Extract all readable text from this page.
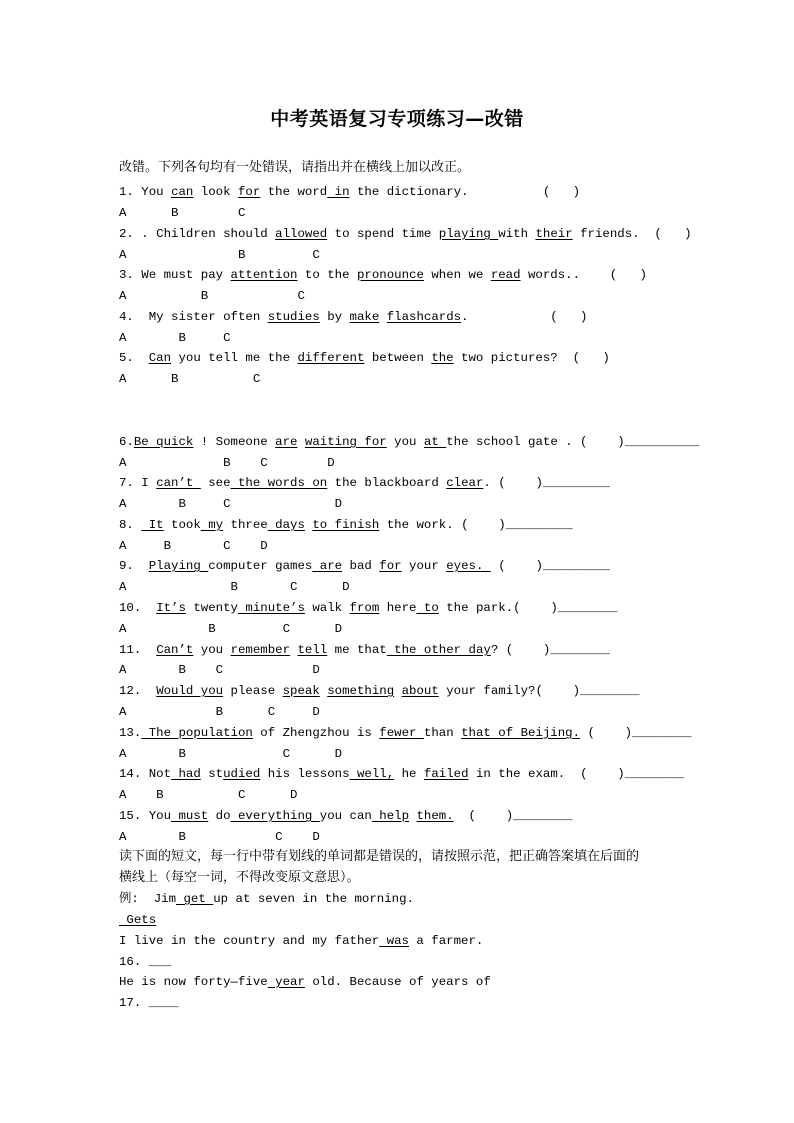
中考英语复习专项练习—改错
改错。下列各句均有一处错误，请指出并在横线上加以改正。
1. You can look for the word in the dictionary.          (   )
A      B        C
2. . Children should allowed to spend time playing with their friends.  (   )
A               B         C
3. We must pay attention to the pronounce when we read words..    (   )
A          B            C
4.  My sister often studies by make flashcards.           (   )
A       B     C
5.  Can you tell me the different between the two pictures?  (   )
A      B          C
6.Be quick ! Someone are waiting for you at the school gate . (    )__________
A             B    C        D
7. I can’t  see the words on the blackboard clear. (    )_________
A       B     C              D
8.  It took my three days to finish the work. (    )_________
A     B       C    D
9.  Playing computer games are bad for your eyes.  (    )_________
A              B       C      D
10.  It’s twenty minute’s walk from here to the park.(    )________
A           B         C      D
11.  Can’t you remember tell me that the other day? (    )________
A       B    C            D
12.  Would you please speak something about your family?(    )________
A            B      C     D
13. The population of Zhengzhou is fewer than that of Beijing. (    )________
A       B             C      D
14. Not had studied his lessons well, he failed in the exam.  (    )________
A    B          C      D
15. You must do everything you can help them.  (    )________
A       B            C    D
读下面的短文，每一行中带有划线的单词都是错误的，请按照示范，把正确答案填在后面的
横线上（每空一词，不得改变原文意思）。
例:  Jim get up at seven in the morning.
Gets
I live in the country and my father was a farmer.
16. ___
He is now forty—five year old. Because of years of
17. ____
